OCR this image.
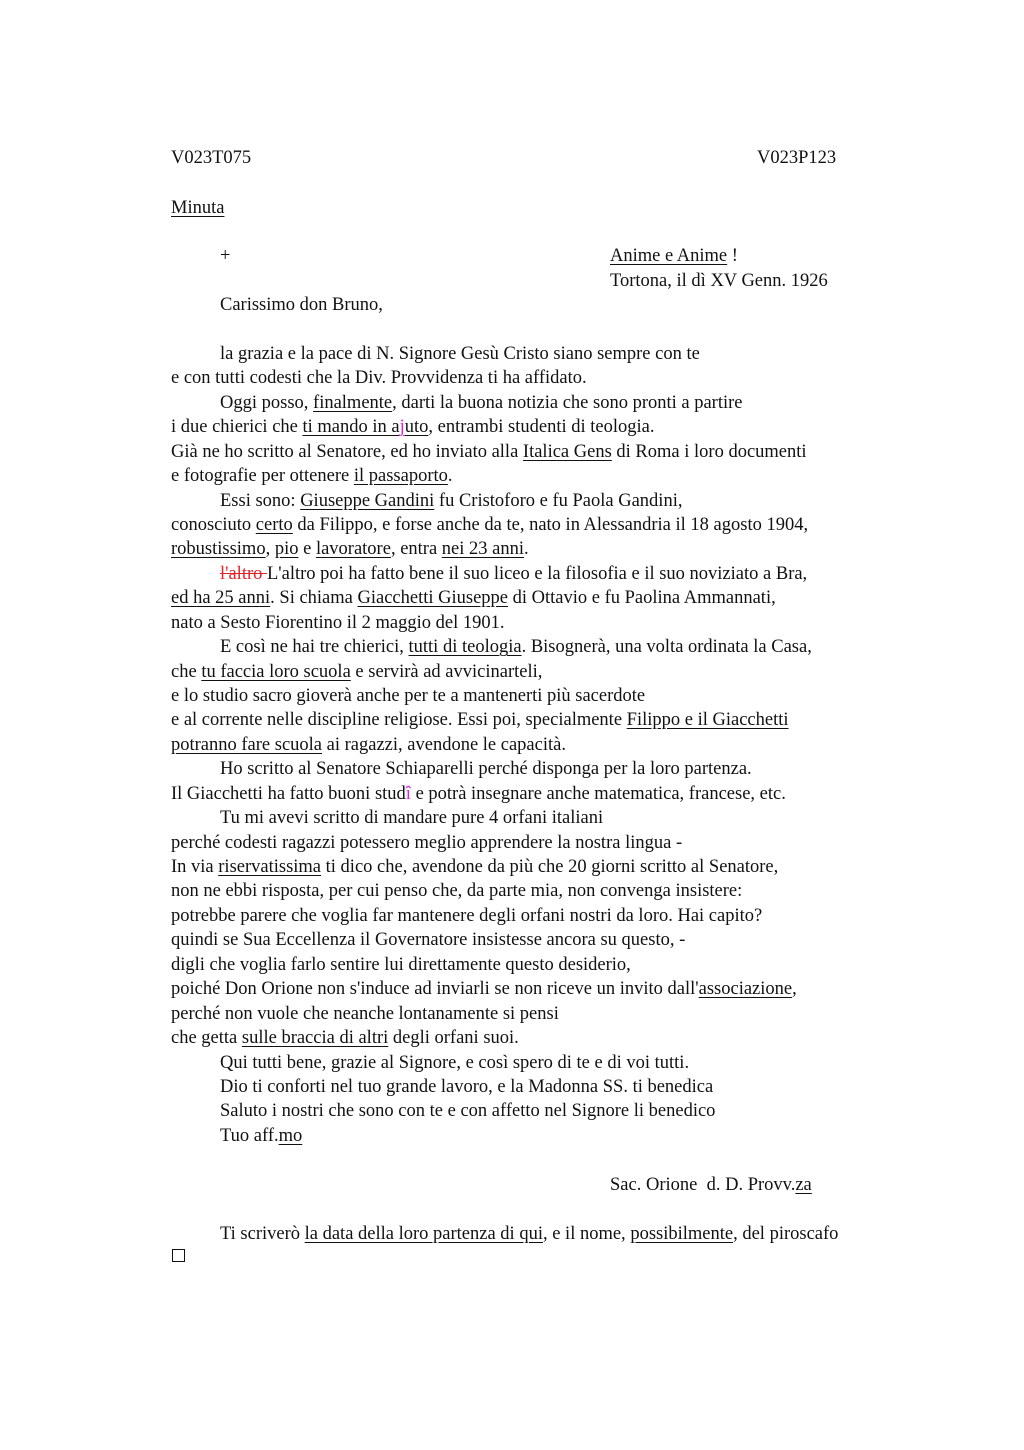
V023T075	V023P123
Minuta
+	Anime e Anime !
Tortona, il dì XV Genn. 1926
Carissimo don Bruno,
la grazia e la pace di N. Signore Gesù Cristo siano sempre con te
e con tutti codesti che la Div. Provvidenza ti ha affidato.
Oggi posso, finalmente, darti la buona notizia che sono pronti a partire
i due chierici che ti mando in ajuto, entrambi studenti di teologia.
Già ne ho scritto al Senatore, ed ho inviato alla Italica Gens di Roma i loro documenti
e fotografie per ottenere il passaporto.
Essi sono: Giuseppe Gandini fu Cristoforo e fu Paola Gandini,
conosciuto certo da Filippo, e forse anche da te, nato in Alessandria il 18 agosto 1904,
robustissimo, pio e lavoratore, entra nei 23 anni.
l'altro L'altro poi ha fatto bene il suo liceo e la filosofia e il suo noviziato a Bra,
ed ha 25 anni. Si chiama Giacchetti Giuseppe di Ottavio e fu Paolina Ammannati,
nato a Sesto Fiorentino il 2 maggio del 1901.
E così ne hai tre chierici, tutti di teologia. Bisognerà, una volta ordinata la Casa,
che tu faccia loro scuola e servirà ad avvicinarteli,
e lo studio sacro gioverà anche per te a mantenerti più sacerdote
e al corrente nelle discipline religiose. Essi poi, specialmente Filippo e il Giacchetti
potranno fare scuola ai ragazzi, avendone le capacità.
Ho scritto al Senatore Schiaparelli perché disponga per la loro partenza.
Il Giacchetti ha fatto buoni studî e potrà insegnare anche matematica, francese, etc.
Tu mi avevi scritto di mandare pure 4 orfani italiani
perché codesti ragazzi potessero meglio apprendere la nostra lingua -
In via riservatissima ti dico che, avendone da più che 20 giorni scritto al Senatore,
non ne ebbi risposta, per cui penso che, da parte mia, non convenga insistere:
potrebbe parere che voglia far mantenere degli orfani nostri da loro. Hai capito?
quindi se Sua Eccellenza il Governatore insistesse ancora su questo, -
digli che voglia farlo sentire lui direttamente questo desiderio,
poiché Don Orione non s'induce ad inviarli se non riceve un invito dall'associazione,
perché non vuole che neanche lontanamente si pensi
che getta sulle braccia di altri degli orfani suoi.
Qui tutti bene, grazie al Signore, e così spero di te e di voi tutti.
Dio ti conforti nel tuo grande lavoro, e la Madonna SS. ti benedica
Saluto i nostri che sono con te e con affetto nel Signore li benedico
Tuo aff.mo
Sac. Orione  d. D. Provv.za
Ti scriverò la data della loro partenza di qui, e il nome, possibilmente, del piroscafo
